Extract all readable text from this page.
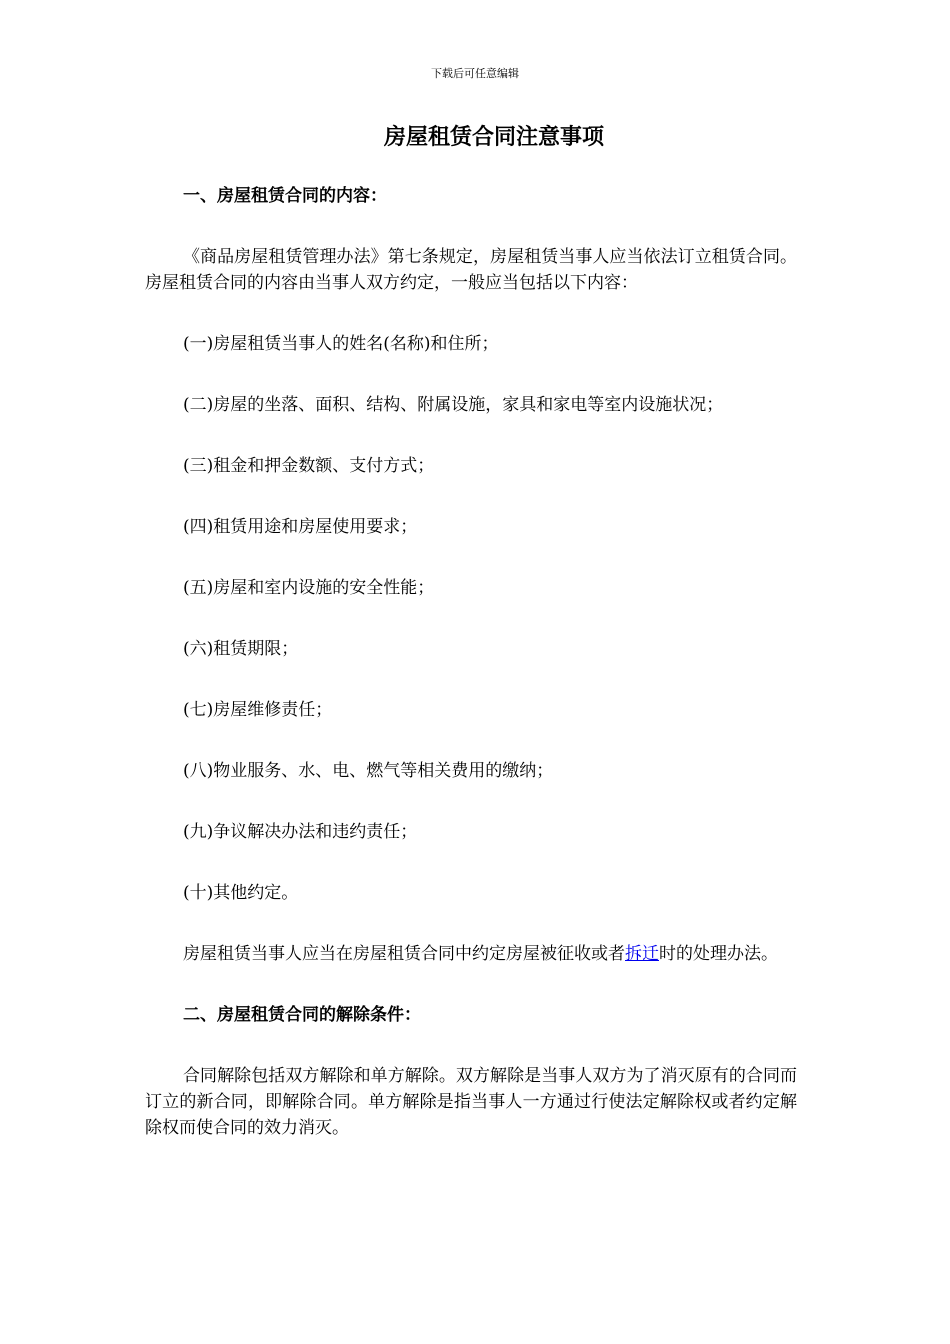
下载后可任意编辑
房屋租赁合同注意事项

一、房屋租赁合同的内容：

《商品房屋租赁管理办法》第七条规定，房屋租赁当事人应当依法订立租赁合同。房屋租赁合同的内容由当事人双方约定，一般应当包括以下内容：

(一)房屋租赁当事人的姓名(名称)和住所；

(二)房屋的坐落、面积、结构、附属设施，家具和家电等室内设施状况；

(三)租金和押金数额、支付方式；

(四)租赁用途和房屋使用要求；

(五)房屋和室内设施的安全性能；

(六)租赁期限；

(七)房屋维修责任；

(八)物业服务、水、电、燃气等相关费用的缴纳；

(九)争议解决办法和违约责任；

(十)其他约定。

房屋租赁当事人应当在房屋租赁合同中约定房屋被征收或者拆迁时的处理办法。

二、房屋租赁合同的解除条件：

合同解除包括双方解除和单方解除。双方解除是当事人双方为了消灭原有的合同而订立的新合同，即解除合同。单方解除是指当事人一方通过行使法定解除权或者约定解除权而使合同的效力消灭。
